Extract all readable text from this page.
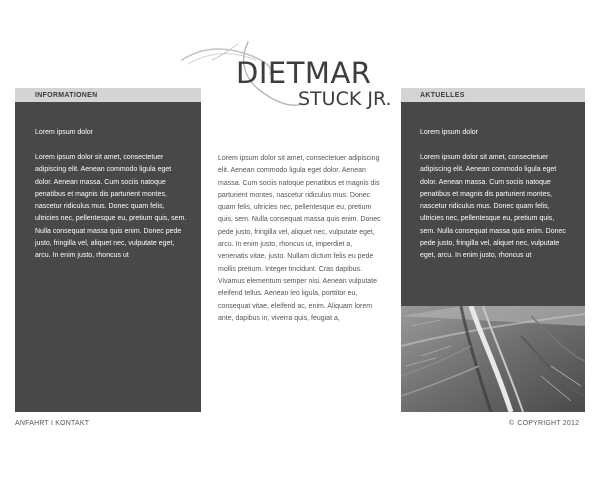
DIETMAR
STUCK JR.
INFORMATIONEN
Lorem ipsum dolor
Lorem ipsum dolor sit amet, consectetuer adipiscing elit. Aenean commodo ligula eget dolor. Aenean massa. Cum sociis natoque penatibus et magnis dis parturient montes, nascetur ridiculus mus. Donec quam felis, ultricies nec, pellentesque eu, pretium quis, sem. Nulla consequat massa quis enim. Donec pede justo, fringilla vel, aliquet nec, vulputate eget, arcu. In enim justo, rhoncus ut
Lorem ipsum dolor sit amet, consectetuer adipiscing elit. Aenean commodo ligula eget dolor. Aenean massa. Cum sociis natoque penatibus et magnis dis parturient montes, nascetur ridiculus mus. Donec quam felis, ultricies nec, pellentesque eu, pretium quis, sem. Nulla consequat massa quis enim. Donec pede justo, fringilla vel, aliquet nec, vulputate eget, arcu. In enim justo, rhoncus ut, imperdiet a, venenatis vitae, justo. Nullam dictum felis eu pede mollis pretium. Integer tincidunt. Cras dapibus. Vivamus elementum semper nisi. Aenean vulputate eleifend tellus. Aenean leo ligula, porttitor eu, consequat vitae, eleifend ac, enim. Aliquam lorem ante, dapibus in, viverra quis, feugiat a,
AKTUELLES
Lorem ipsum dolor
Lorem ipsum dolor sit amet, consectetuer adipiscing elit. Aenean commodo ligula eget dolor. Aenean massa. Cum sociis natoque penatibus et magnis dis parturient montes, nascetur ridiculus mus. Donec quam felis, ultricies nec, pellentesque eu, pretium quis, sem. Nulla consequat massa quis enim. Donec pede justo, fringilla vel, aliquet nec, vulputate eget, arcu. In enim justo, rhoncus ut
ANFAHRT I KONTAKT	© COPYRIGHT 2012
